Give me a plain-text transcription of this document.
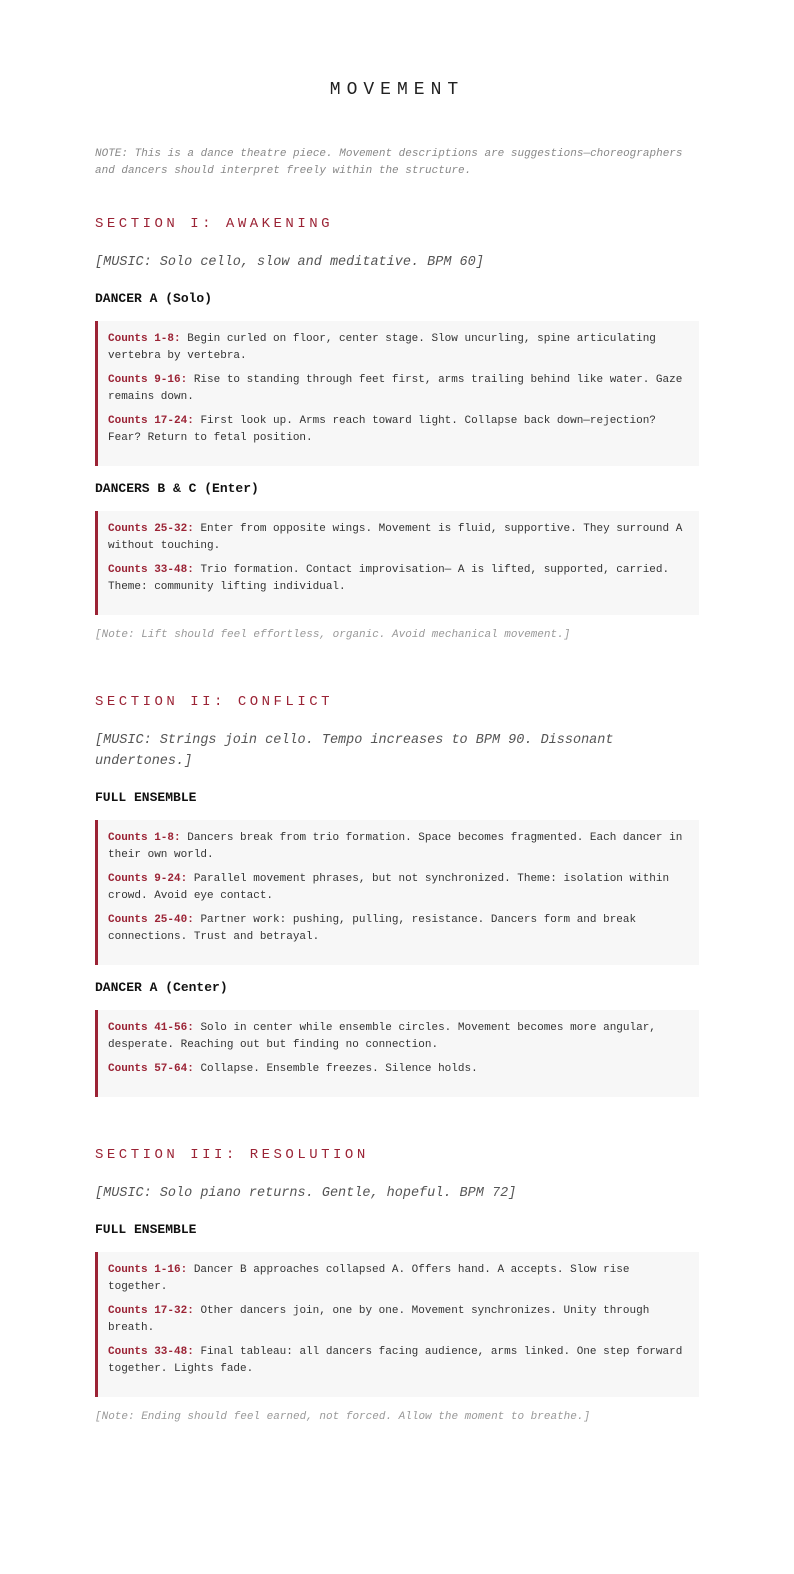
MOVEMENT

NOTE: This is a dance theatre piece. Movement descriptions are suggestions—choreographers and dancers should interpret freely within the structure.

SECTION I: AWAKENING

[MUSIC: Solo cello, slow and meditative. BPM 60]

DANCER A (Solo)

Counts 1-8: Begin curled on floor, center stage. Slow uncurling, spine articulating vertebra by vertebra.

Counts 9-16: Rise to standing through feet first, arms trailing behind like water. Gaze remains down.

Counts 17-24: First look up. Arms reach toward light. Collapse back down—rejection? Fear? Return to fetal position.

DANCERS B & C (Enter)

Counts 25-32: Enter from opposite wings. Movement is fluid, supportive. They surround A without touching.

Counts 33-48: Trio formation. Contact improvisation— A is lifted, supported, carried. Theme: community lifting individual.

[Note: Lift should feel effortless, organic. Avoid mechanical movement.]

SECTION II: CONFLICT

[MUSIC: Strings join cello. Tempo increases to BPM 90. Dissonant undertones.]

FULL ENSEMBLE

Counts 1-8: Dancers break from trio formation. Space becomes fragmented. Each dancer in their own world.

Counts 9-24: Parallel movement phrases, but not synchronized. Theme: isolation within crowd. Avoid eye contact.

Counts 25-40: Partner work: pushing, pulling, resistance. Dancers form and break connections. Trust and betrayal.

DANCER A (Center)

Counts 41-56: Solo in center while ensemble circles. Movement becomes more angular, desperate. Reaching out but finding no connection.

Counts 57-64: Collapse. Ensemble freezes. Silence holds.

SECTION III: RESOLUTION

[MUSIC: Solo piano returns. Gentle, hopeful. BPM 72]

FULL ENSEMBLE

Counts 1-16: Dancer B approaches collapsed A. Offers hand. A accepts. Slow rise together.

Counts 17-32: Other dancers join, one by one. Movement synchronizes. Unity through breath.

Counts 33-48: Final tableau: all dancers facing audience, arms linked. One step forward together. Lights fade.

[Note: Ending should feel earned, not forced. Allow the moment to breathe.]
